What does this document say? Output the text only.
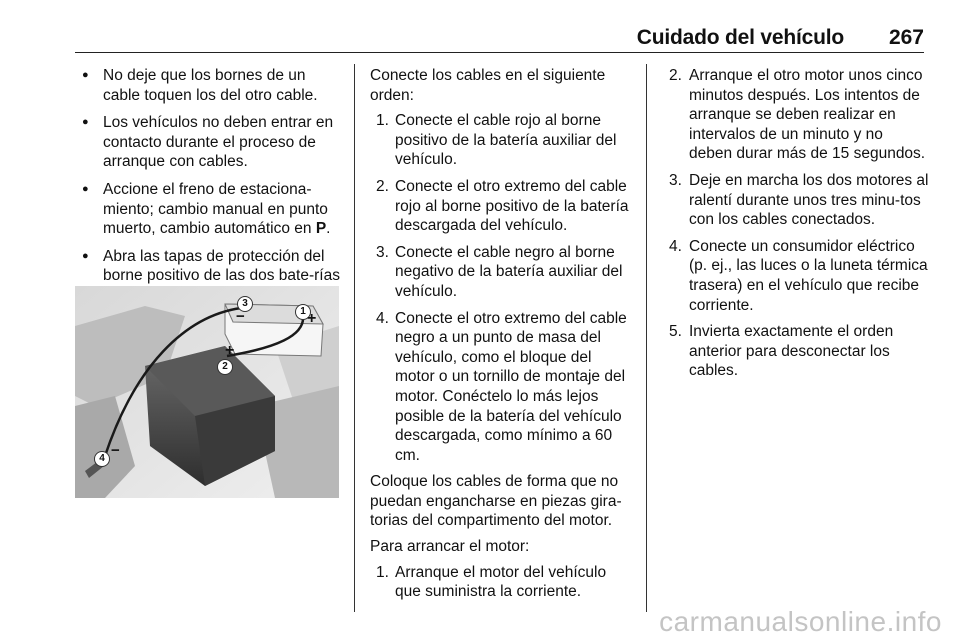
Cuidado del vehículo 267
● No deje que los bornes de un cable toquen los del otro cable.
● Los vehículos no deben entrar en contacto durante el proceso de arranque con cables.
● Accione el freno de estaciona-miento; cambio manual en punto muerto, cambio automático en P.
● Abra las tapas de protección del borne positivo de las dos bate-rías
3
−	1 +
2
+
4 −

Conecte los cables en el siguiente orden:

1. Conecte el cable rojo al borne positivo de la batería auxiliar del vehículo.
2. Conecte el otro extremo del cable rojo al borne positivo de la batería descargada del vehículo.
3. Conecte el cable negro al borne negativo de la batería auxiliar del vehículo.
4. Conecte el otro extremo del cable negro a un punto de masa del vehículo, como el bloque del motor o un tornillo de montaje del motor. Conéctelo lo más lejos posible de la batería del vehículo descargada, como mínimo a 60 cm.

Coloque los cables de forma que no puedan engancharse en piezas gira-torias del compartimento del motor.

Para arrancar el motor:

1. Arranque el motor del vehículo que suministra la corriente.
2. Arranque el otro motor unos cinco minutos después. Los intentos de arranque se deben realizar en intervalos de un minuto y no deben durar más de 15 segundos.
3. Deje en marcha los dos motores al ralentí durante unos tres minu-tos con los cables conectados.
4. Conecte un consumidor eléctrico (p. ej., las luces o la luneta térmica trasera) en el vehículo que recibe corriente.
5. Invierta exactamente el orden anterior para desconectar los cables.
carmanualsonline.info
